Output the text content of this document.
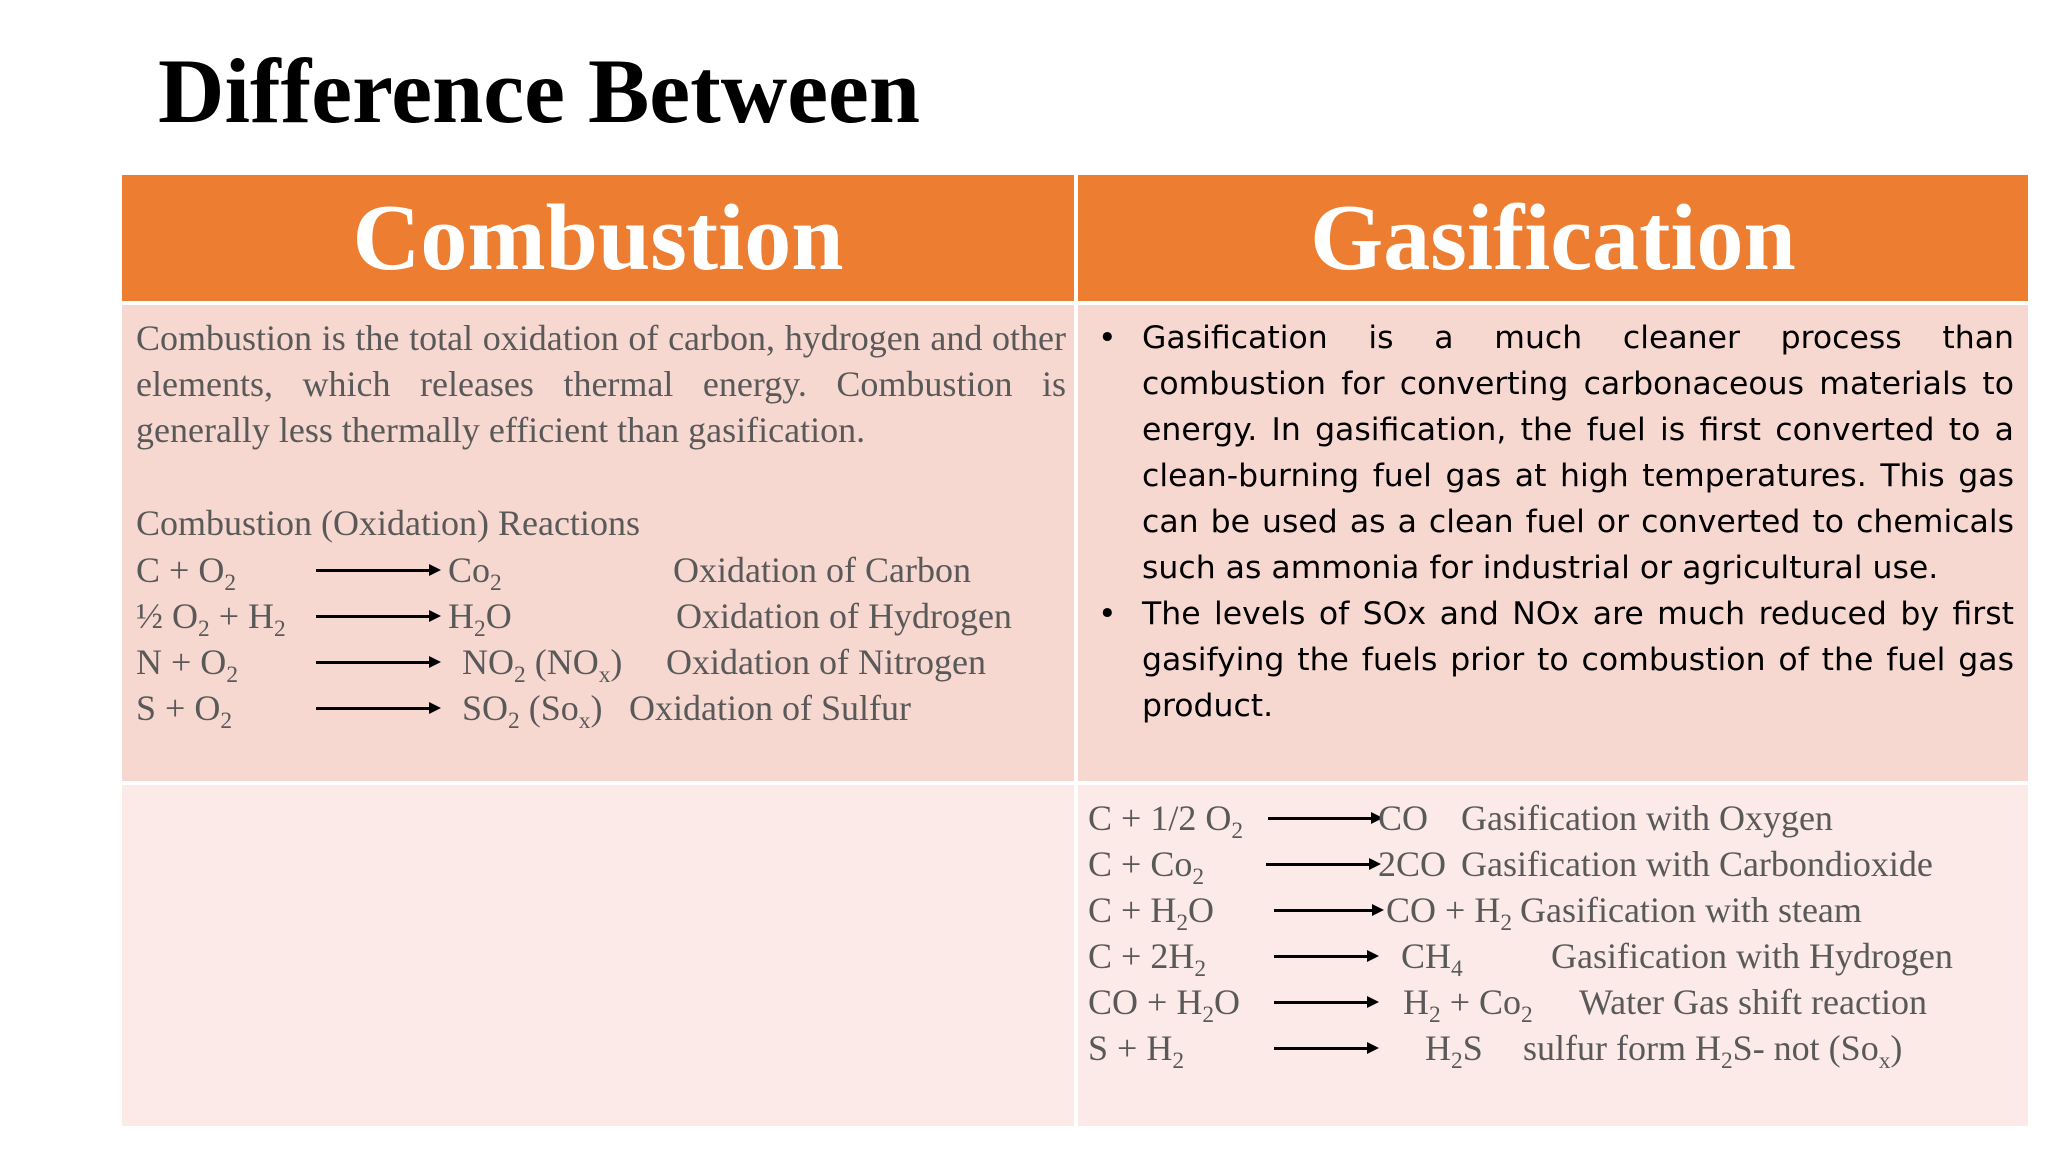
Difference Between
Combustion	Gasification
Combustion is the total oxidation of carbon, hydrogen and other elements, which releases thermal energy. Combustion is generally less thermally efficient than gasification.
Combustion (Oxidation) Reactions
$C + O_2$	$Co_2$	Oxidation of Carbon
½ $O_2 + H_2$	$H_2O$	Oxidation of Hydrogen
$N + O_2$	$NO_2$ $(NO_x)$ Oxidation of Nitrogen
$S + O_2$	$SO_2$ $(So_x)$ Oxidation of Sulfur
• Gasification is a much cleaner process than combustion for converting carbonaceous materials to energy. In gasification, the fuel is first converted to a clean-burning fuel gas at high temperatures. This gas can be used as a clean fuel or converted to chemicals such as ammonia for industrial or agricultural use.
• The levels of SOx and NOx are much reduced by first gasifying the fuels prior to combustion of the fuel gas product.
C + 1/2 $O_2$	CO Gasification with Oxygen
$C + Co_2$	2CO Gasification with Carbondioxide
$C + H_2O$	CO + $H_2$ Gasification with steam
$C + 2H_2$	$CH_4$ Gasification with Hydrogen
CO + $H_2O$	$H_2 + Co_2$ Water Gas shift reaction
$S + H_2$	$H_2S$ sulfur form $H_2S-$ not $(So_x)$
